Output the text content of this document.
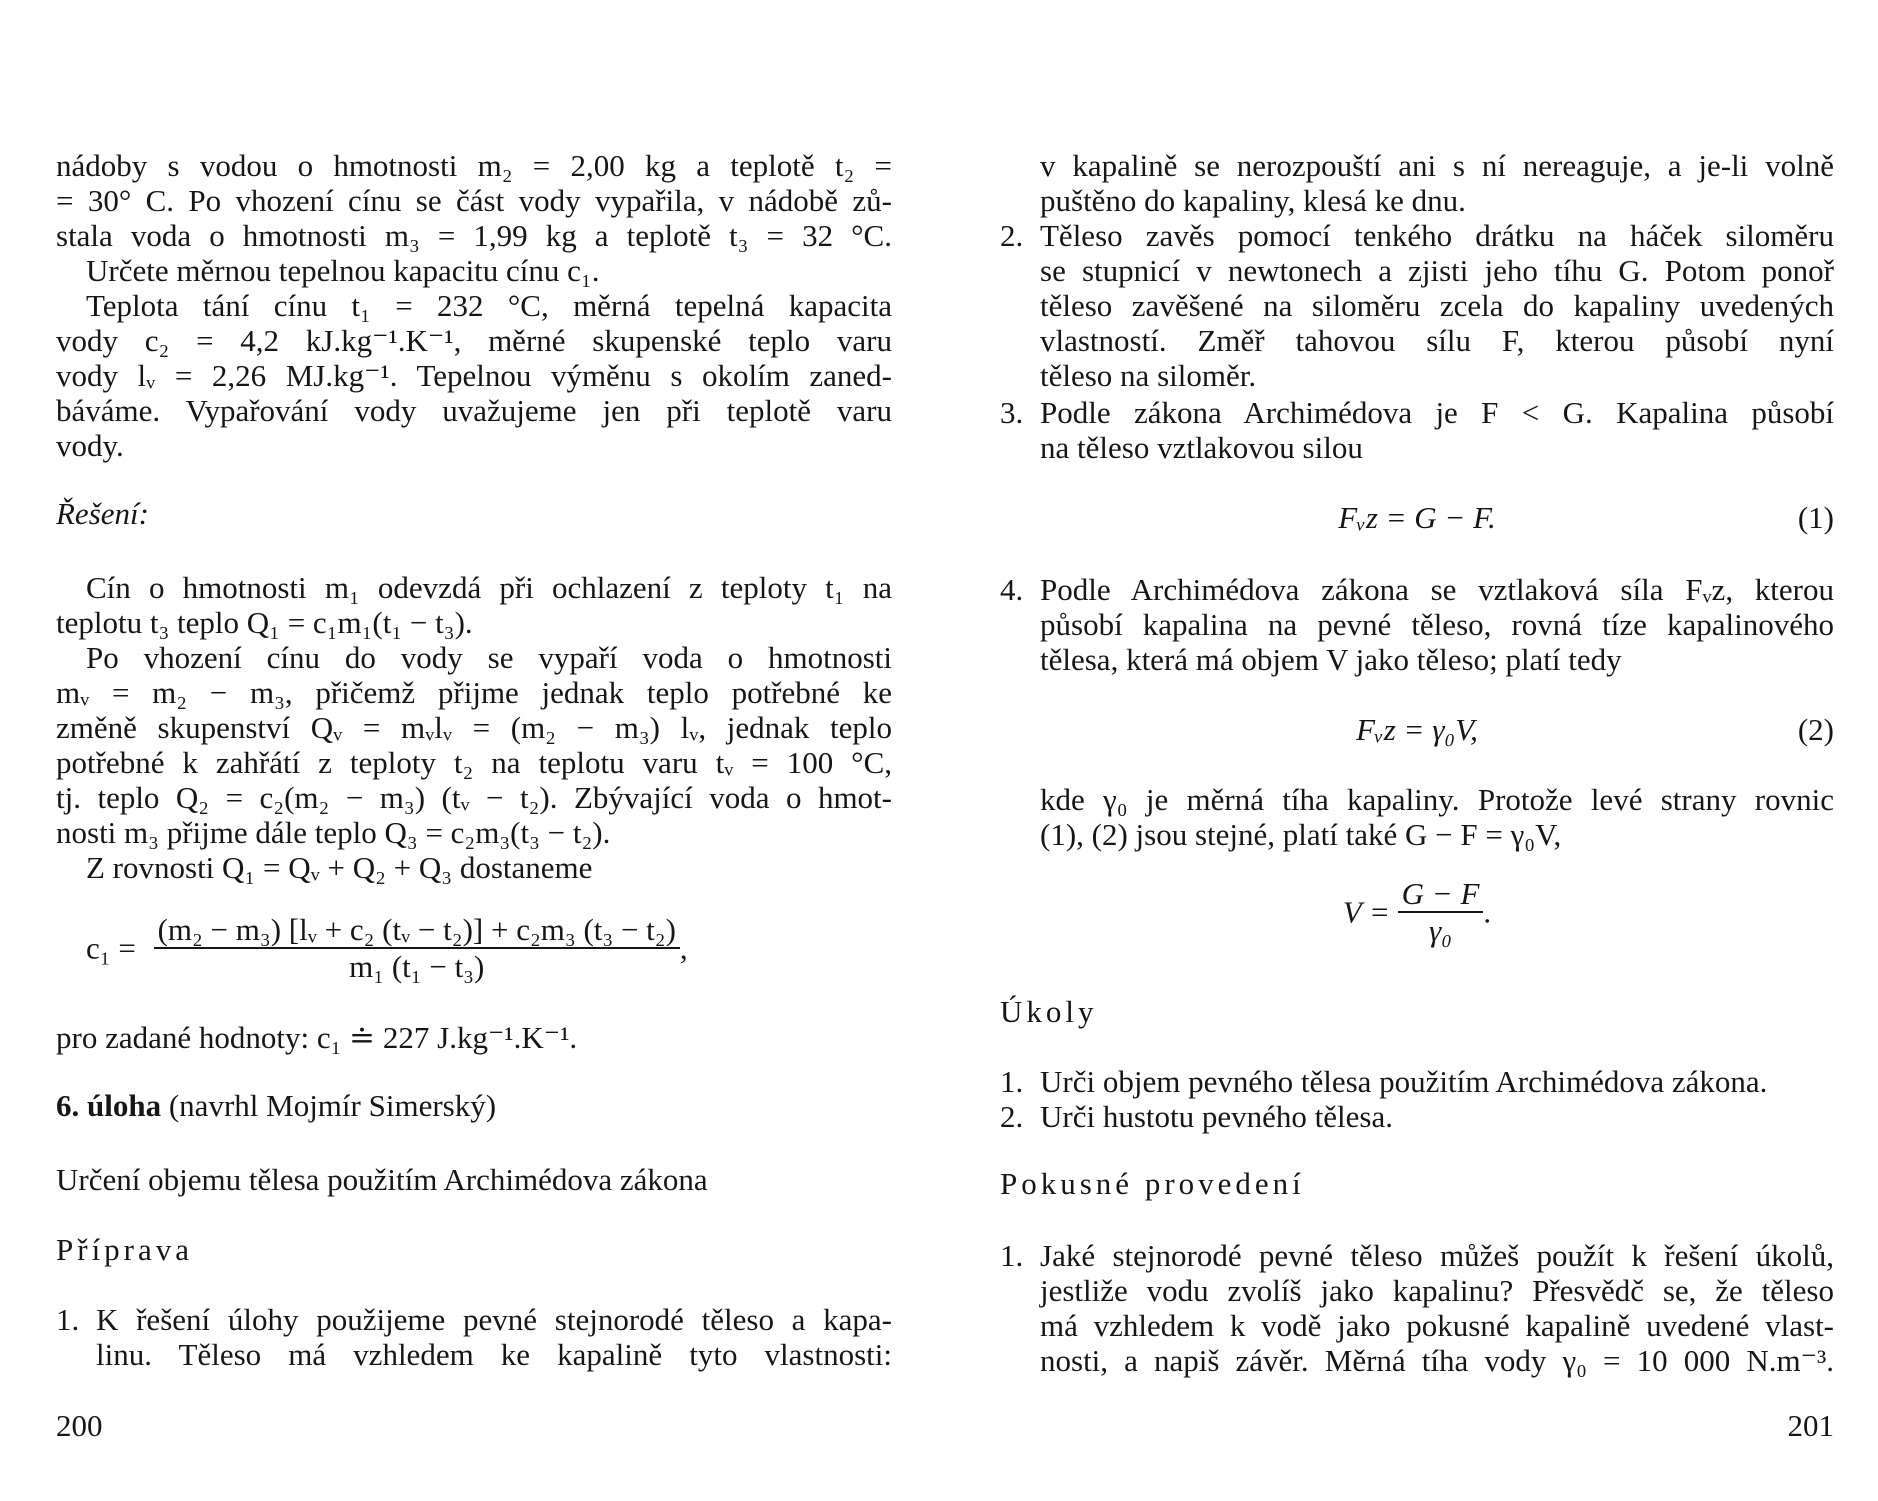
nádoby s vodou o hmotnosti m₂ = 2,00 kg a teplotě t₂ =
= 30° C. Po vhození cínu se část vody vypařila, v nádobě zů-
stala voda o hmotnosti m₃ = 1,99 kg a teplotě t₃ = 32 °C.
Určete měrnou tepelnou kapacitu cínu c₁.
Teplota tání cínu t₁ = 232 °C, měrná tepelná kapacita
vody c₂ = 4,2 kJ.kg⁻¹.K⁻¹, měrné skupenské teplo varu
vody lᵥ = 2,26 MJ.kg⁻¹. Tepelnou výměnu s okolím zaned-
báváme. Vypařování vody uvažujeme jen při teplotě varu
vody.
Řešení:
Cín o hmotnosti m₁ odevzdá při ochlazení z teploty t₁ na
teplotu t₃ teplo Q₁ = c₁m₁(t₁ − t₃).
Po vhození cínu do vody se vypaří voda o hmotnosti
mᵥ = m₂ − m₃, přičemž přijme jednak teplo potřebné ke
změně skupenství Qᵥ = mᵥlᵥ = (m₂ − m₃) lᵥ, jednak teplo
potřebné k zahřátí z teploty t₂ na teplotu varu tᵥ = 100 °C,
tj. teplo Q₂ = c₂(m₂ − m₃) (tᵥ − t₂). Zbývající voda o hmot-
nosti m₃ přijme dále teplo Q₃ = c₂m₃(t₃ − t₂).
Z rovnosti Q₁ = Qᵥ + Q₂ + Q₃ dostaneme
$c_1 = \frac{\text{(m₂ − m₃) [lᵥ + c₂ (tᵥ − t₂)] + c₂m₃ (t₃ − t₂)}}{\text{m₁ (t₁ − t₃)}}$ ,
pro zadané hodnoty: c₁ ≐ 227 J.kg⁻¹.K⁻¹.
6. úloha (navrhl Mojmír Simerský)
Určení objemu tělesa použitím Archimédova zákona
Příprava
1. K řešení úlohy použijeme pevné stejnorodé těleso a kapa-
linu. Těleso má vzhledem ke kapalině tyto vlastnosti:
200
v kapalině se nerozpouští ani s ní nereaguje, a je-li volně
puštěno do kapaliny, klesá ke dnu.
2. Těleso zavěs pomocí tenkého drátku na háček siloměru
se stupnicí v newtonech a zjisti jeho tíhu G. Potom ponoř
těleso zavěšené na siloměru zcela do kapaliny uvedených
vlastností. Změř tahovou sílu F, kterou působí nyní
těleso na siloměr.
3. Podle zákona Archimédova je F < G. Kapalina působí
na těleso vztlakovou silou
Fᵥz = G − F.	(1)
4. Podle Archimédova zákona se vztlaková síla Fᵥz, kterou
působí kapalina na pevné těleso, rovná tíze kapalinového
tělesa, která má objem V jako těleso; platí tedy
Fᵥz = γ₀V,	(2)
kde γ₀ je měrná tíha kapaliny. Protože levé strany rovnic
(1), (2) jsou stejné, platí také G − F = γ₀V,
$V = \frac{G - F}{\text{γ₀}}$ .
Úkoly
1. Urči objem pevného tělesa použitím Archimédova zákona.
2. Urči hustotu pevného tělesa.
Pokusné provedení
1. Jaké stejnorodé pevné těleso můžeš použít k řešení úkolů,
jestliže vodu zvolíš jako kapalinu? Přesvědč se, že těleso
má vzhledem k vodě jako pokusné kapalině uvedené vlast-
nosti, a napiš závěr. Měrná tíha vody γ₀ = 10 000 N.m⁻³.
201
